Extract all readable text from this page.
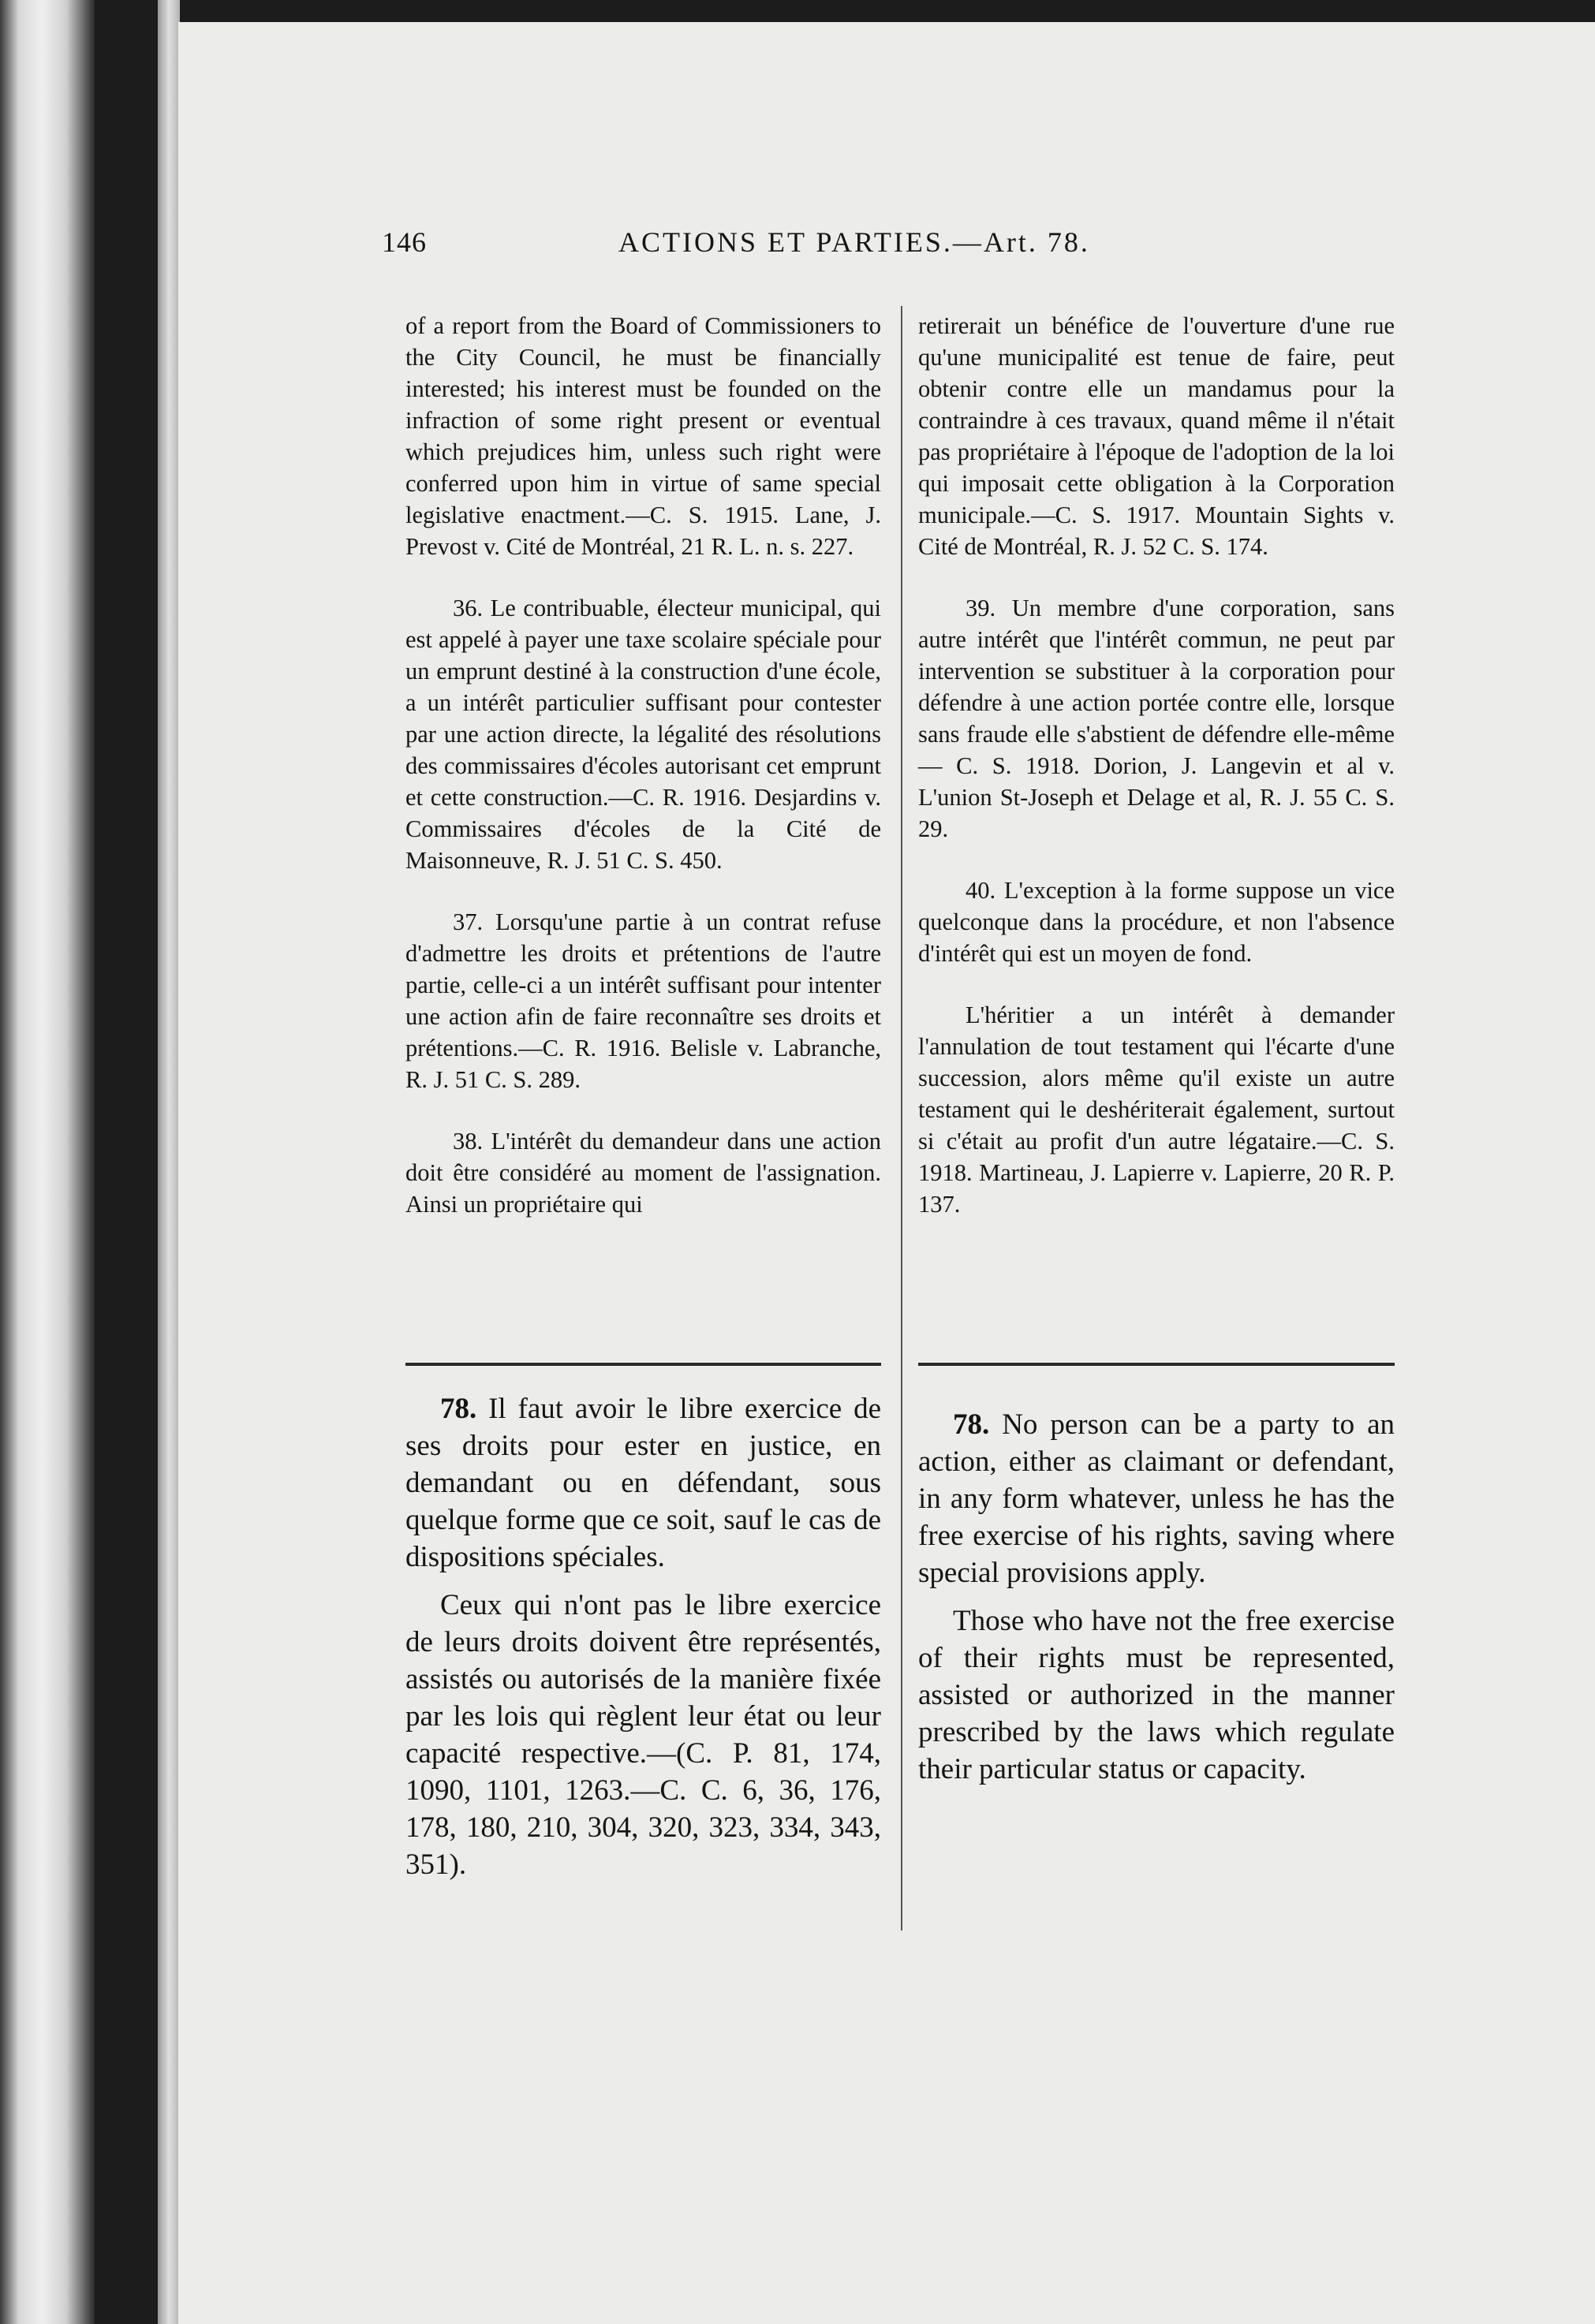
146	ACTIONS ET PARTIES.—Art. 78.

of a report from the Board of Commissioners to the City Council, he must be financially interested; his interest must be founded on the infraction of some right present or eventual which prejudices him, unless such right were conferred upon him in virtue of same special legislative enactment.—C. S. 1915. Lane, J. Prevost v. Cité de Montréal, 21 R. L. n. s. 227.

36. Le contribuable, électeur municipal, qui est appelé à payer une taxe scolaire spéciale pour un emprunt destiné à la construction d'une école, a un intérêt particulier suffisant pour contester par une action directe, la légalité des résolutions des commissaires d'écoles autorisant cet emprunt et cette construction.—C. R. 1916. Desjardins v. Commissaires d'écoles de la Cité de Maisonneuve, R. J. 51 C. S. 450.

37. Lorsqu'une partie à un contrat refuse d'admettre les droits et prétentions de l'autre partie, celle-ci a un intérêt suffisant pour intenter une action afin de faire reconnaître ses droits et prétentions.—C. R. 1916. Belisle v. Labranche, R. J. 51 C. S. 289.

38. L'intérêt du demandeur dans une action doit être considéré au moment de l'assignation. Ainsi un propriétaire qui

retirerait un bénéfice de l'ouverture d'une rue qu'une municipalité est tenue de faire, peut obtenir contre elle un mandamus pour la contraindre à ces travaux, quand même il n'était pas propriétaire à l'époque de l'adoption de la loi qui imposait cette obligation à la Corporation municipale.—C. S. 1917. Mountain Sights v. Cité de Montréal, R. J. 52 C. S. 174.

39. Un membre d'une corporation, sans autre intérêt que l'intérêt commun, ne peut par intervention se substituer à la corporation pour défendre à une action portée contre elle, lorsque sans fraude elle s'abstient de défendre elle-même — C. S. 1918. Dorion, J. Langevin et al v. L'union St-Joseph et Delage et al, R. J. 55 C. S. 29.

40. L'exception à la forme suppose un vice quelconque dans la procédure, et non l'absence d'intérêt qui est un moyen de fond.

L'héritier a un intérêt à demander l'annulation de tout testament qui l'écarte d'une succession, alors même qu'il existe un autre testament qui le deshériterait également, surtout si c'était au profit d'un autre légataire.—C. S. 1918. Martineau, J. Lapierre v. Lapierre, 20 R. P. 137.

78. Il faut avoir le libre exercice de ses droits pour ester en justice, en demandant ou en défendant, sous quelque forme que ce soit, sauf le cas de dispositions spéciales.

Ceux qui n'ont pas le libre exercice de leurs droits doivent être représentés, assistés ou autorisés de la manière fixée par les lois qui règlent leur état ou leur capacité respective.—(C. P. 81, 174, 1090, 1101, 1263.—C. C. 6, 36, 176, 178, 180, 210, 304, 320, 323, 334, 343, 351).

78. No person can be a party to an action, either as claimant or defendant, in any form whatever, unless he has the free exercise of his rights, saving where special provisions apply.

Those who have not the free exercise of their rights must be represented, assisted or authorized in the manner prescribed by the laws which regulate their particular status or capacity.
